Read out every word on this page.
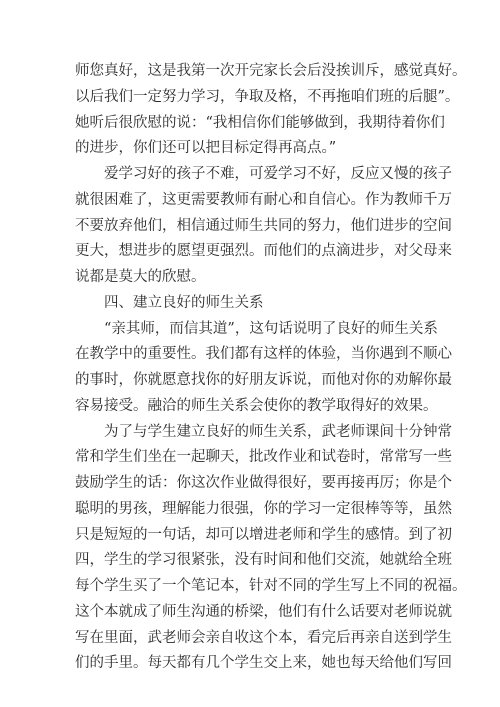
师您真好，这是我第一次开完家长会后没挨训斥，感觉真好。
以后我们一定努力学习，争取及格，不再拖咱们班的后腿”。
她听后很欣慰的说：“我相信你们能够做到，我期待着你们
的进步，你们还可以把目标定得再高点。”
爱学习好的孩子不难，可爱学习不好，反应又慢的孩子
就很困难了，这更需要教师有耐心和自信心。作为教师千万
不要放弃他们，相信通过师生共同的努力，他们进步的空间
更大，想进步的愿望更强烈。而他们的点滴进步，对父母来
说都是莫大的欣慰。
四、建立良好的师生关系
“亲其师，而信其道”，这句话说明了良好的师生关系
在教学中的重要性。我们都有这样的体验，当你遇到不顺心
的事时，你就愿意找你的好朋友诉说，而他对你的劝解你最
容易接受。融洽的师生关系会使你的教学取得好的效果。
为了与学生建立良好的师生关系，武老师课间十分钟常
常和学生们坐在一起聊天，批改作业和试卷时，常常写一些
鼓励学生的话：你这次作业做得很好，要再接再厉；你是个
聪明的男孩，理解能力很强，你的学习一定很棒等等，虽然
只是短短的一句话，却可以增进老师和学生的感情。到了初
四，学生的学习很紧张，没有时间和他们交流，她就给全班
每个学生买了一个笔记本，针对不同的学生写上不同的祝福。
这个本就成了师生沟通的桥梁，他们有什么话要对老师说就
写在里面，武老师会亲自收这个本，看完后再亲自送到学生
们的手里。每天都有几个学生交上来，她也每天给他们写回
